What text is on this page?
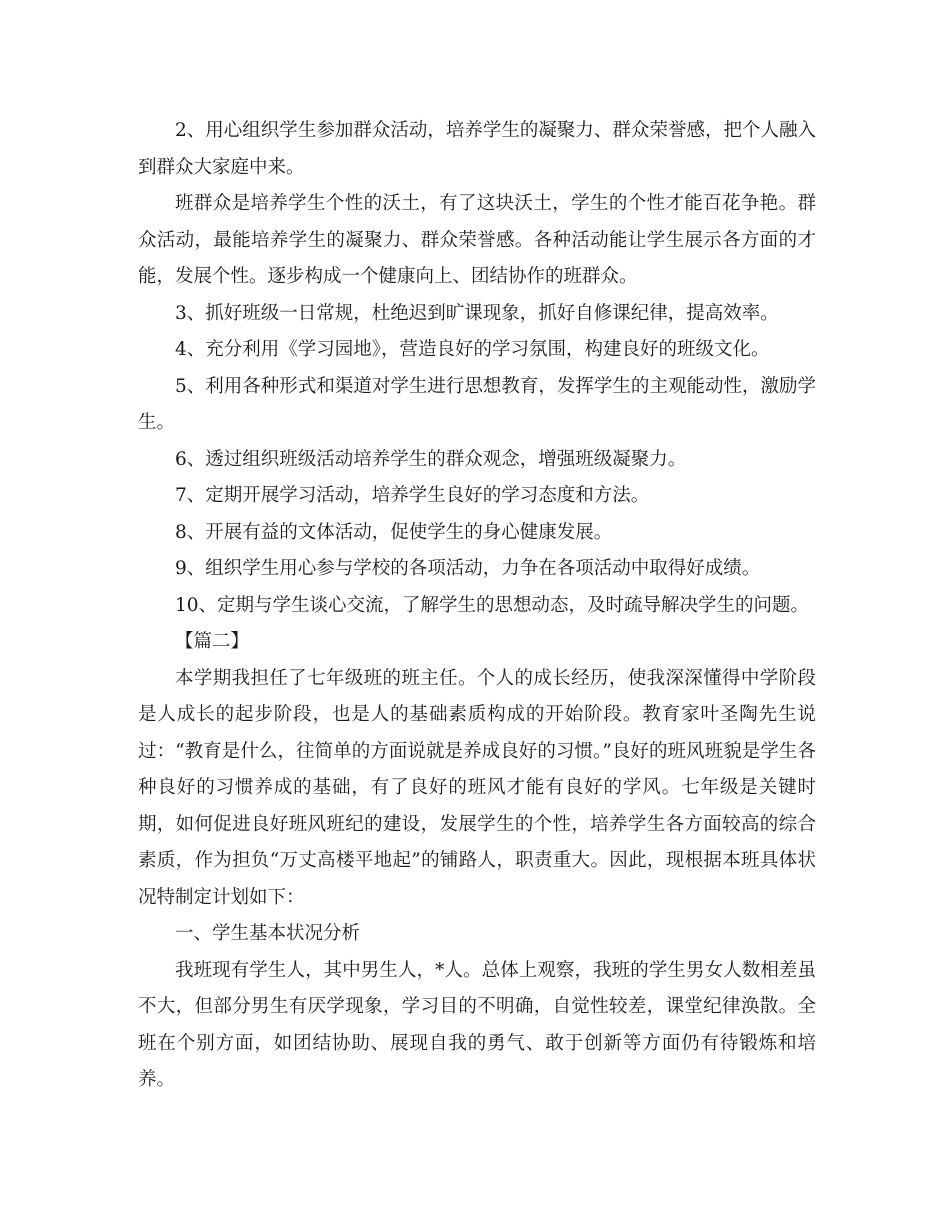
2、用心组织学生参加群众活动，培养学生的凝聚力、群众荣誉感，把个人融入到群众大家庭中来。

班群众是培养学生个性的沃土，有了这块沃土，学生的个性才能百花争艳。群众活动，最能培养学生的凝聚力、群众荣誉感。各种活动能让学生展示各方面的才能，发展个性。逐步构成一个健康向上、团结协作的班群众。

3、抓好班级一日常规，杜绝迟到旷课现象，抓好自修课纪律，提高效率。

4、充分利用《学习园地》，营造良好的学习氛围，构建良好的班级文化。

5、利用各种形式和渠道对学生进行思想教育，发挥学生的主观能动性，激励学生。

6、透过组织班级活动培养学生的群众观念，增强班级凝聚力。

7、定期开展学习活动，培养学生良好的学习态度和方法。

8、开展有益的文体活动，促使学生的身心健康发展。

9、组织学生用心参与学校的各项活动，力争在各项活动中取得好成绩。

10、定期与学生谈心交流，了解学生的思想动态，及时疏导解决学生的问题。

【篇二】

本学期我担任了七年级班的班主任。个人的成长经历，使我深深懂得中学阶段是人成长的起步阶段，也是人的基础素质构成的开始阶段。教育家叶圣陶先生说过：“教育是什么，往简单的方面说就是养成良好的习惯。”良好的班风班貌是学生各种良好的习惯养成的基础，有了良好的班风才能有良好的学风。七年级是关键时期，如何促进良好班风班纪的建设，发展学生的个性，培养学生各方面较高的综合素质，作为担负“万丈高楼平地起”的铺路人，职责重大。因此，现根据本班具体状况特制定计划如下：

一、学生基本状况分析

我班现有学生人，其中男生人，*人。总体上观察，我班的学生男女人数相差虽不大，但部分男生有厌学现象，学习目的不明确，自觉性较差，课堂纪律涣散。全班在个别方面，如团结协助、展现自我的勇气、敢于创新等方面仍有待锻炼和培养。
